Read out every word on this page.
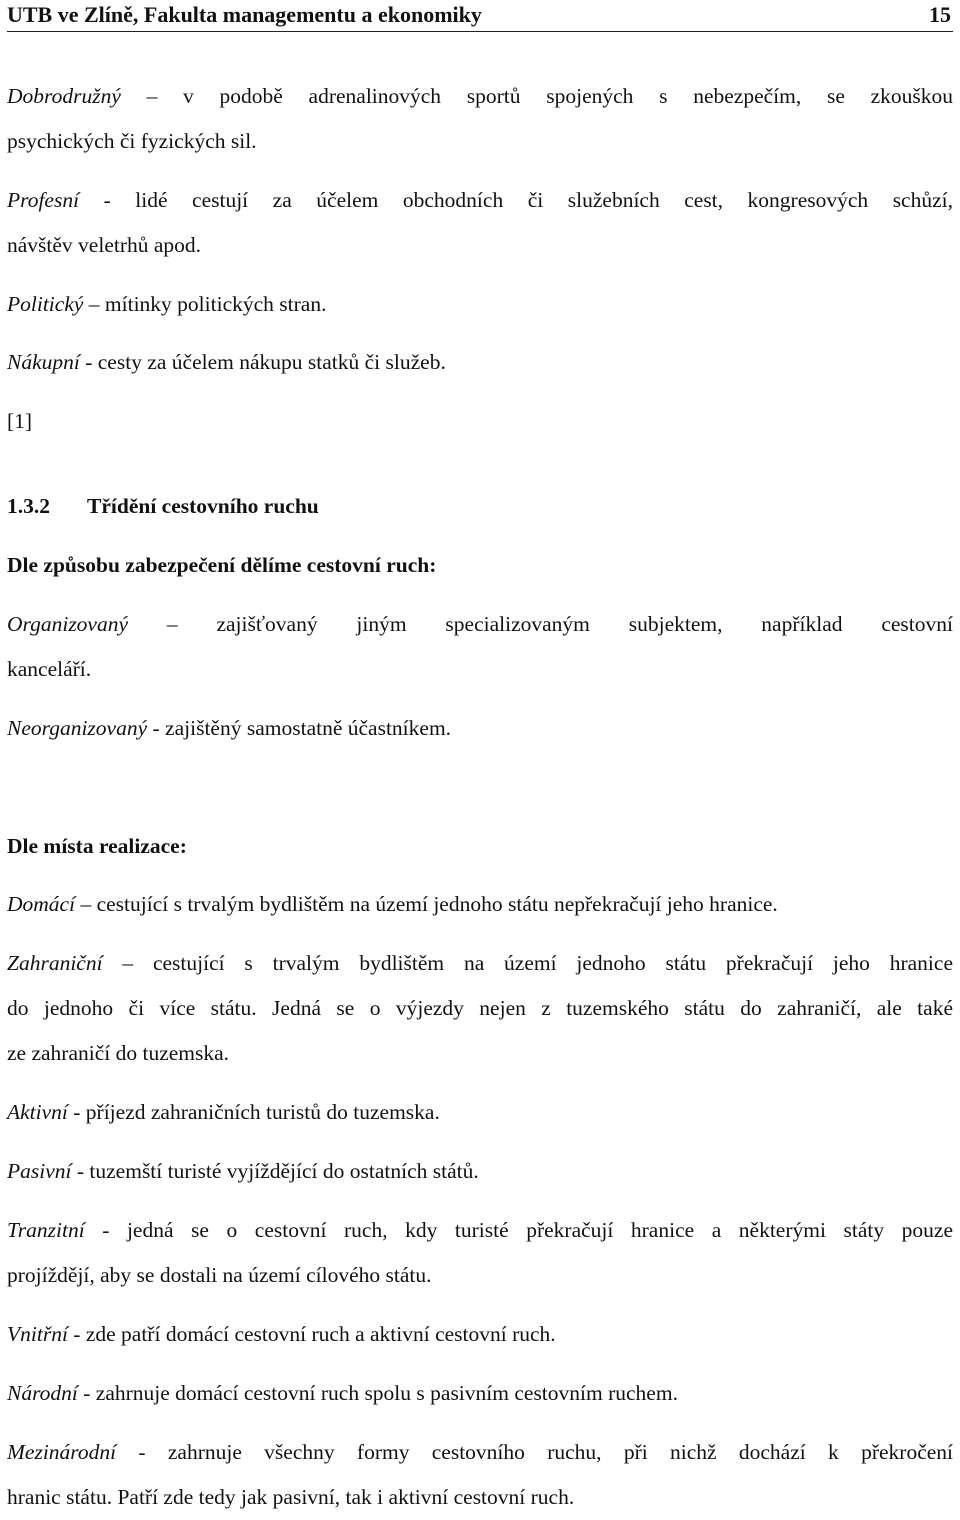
UTB ve Zlíně, Fakulta managementu a ekonomiky	15
Dobrodružný – v podobě adrenalinových sportů spojených s nebezpečím, se zkouškou
psychických či fyzických sil.
Profesní - lidé cestují za účelem obchodních či služebních cest, kongresových schůzí,
návštěv veletrhů apod.
Politický – mítinky politických stran.
Nákupní - cesty za účelem nákupu statků či služeb.
[1]
1.3.2 Třídění cestovního ruchu
Dle způsobu zabezpečení dělíme cestovní ruch:
Organizovaný – zajišťovaný jiným specializovaným subjektem, například cestovní
kanceláří.
Neorganizovaný - zajištěný samostatně účastníkem.
Dle místa realizace:
Domácí – cestující s trvalým bydlištěm na území jednoho státu nepřekračují jeho hranice.
Zahraniční – cestující s trvalým bydlištěm na území jednoho státu překračují jeho hranice
do jednoho či více státu. Jedná se o výjezdy nejen z tuzemského státu do zahraničí, ale také
ze zahraničí do tuzemska.
Aktivní - příjezd zahraničních turistů do tuzemska.
Pasivní - tuzemští turisté vyjíždějící do ostatních států.
Tranzitní - jedná se o cestovní ruch, kdy turisté překračují hranice a některými státy pouze
projíždějí, aby se dostali na území cílového státu.
Vnitřní - zde patří domácí cestovní ruch a aktivní cestovní ruch.
Národní - zahrnuje domácí cestovní ruch spolu s pasivním cestovním ruchem.
Mezinárodní - zahrnuje všechny formy cestovního ruchu, při nichž dochází k překročení
hranic státu. Patří zde tedy jak pasivní, tak i aktivní cestovní ruch.
